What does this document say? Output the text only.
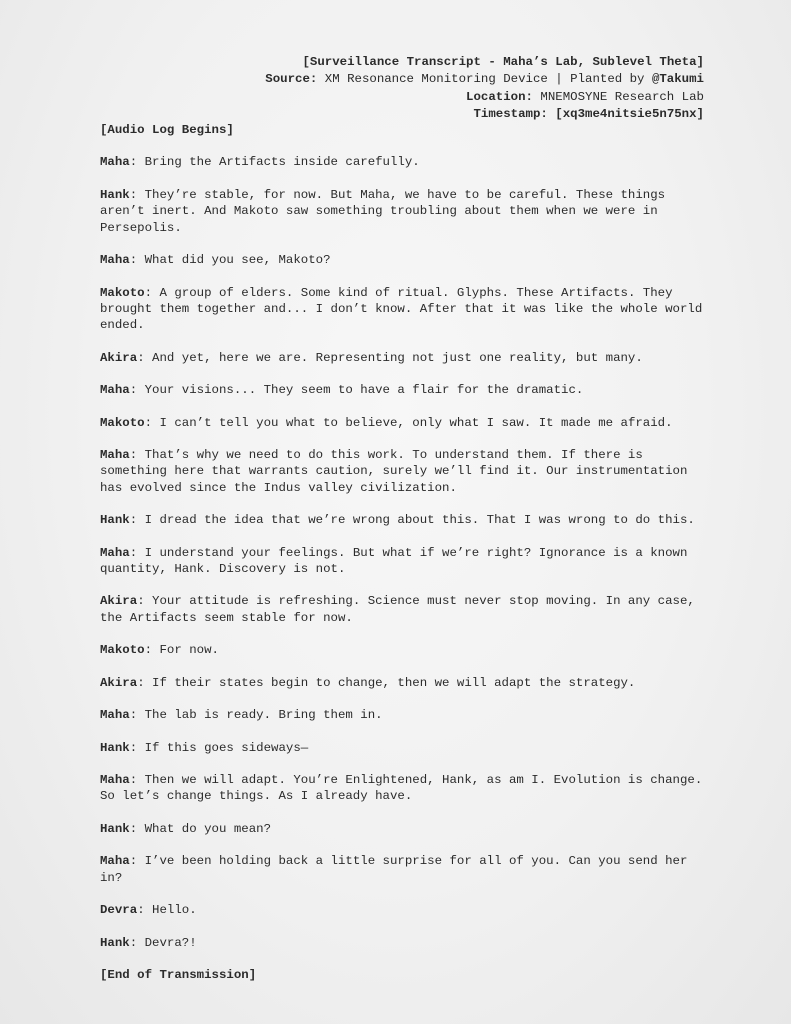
[Surveillance Transcript - Maha’s Lab, Sublevel Theta]
Source: XM Resonance Monitoring Device | Planted by @Takumi
Location: MNEMOSYNE Research Lab
Timestamp: [xq3me4nitsie5n75nx]

[Audio Log Begins]

Maha: Bring the Artifacts inside carefully.

Hank: They’re stable, for now. But Maha, we have to be careful. These things aren’t inert. And Makoto saw something troubling about them when we were in Persepolis.

Maha: What did you see, Makoto?

Makoto: A group of elders. Some kind of ritual. Glyphs. These Artifacts. They brought them together and... I don’t know. After that it was like the whole world ended.

Akira: And yet, here we are. Representing not just one reality, but many.

Maha: Your visions... They seem to have a flair for the dramatic.

Makoto: I can’t tell you what to believe, only what I saw. It made me afraid.

Maha: That’s why we need to do this work. To understand them. If there is something here that warrants caution, surely we’ll find it. Our instrumentation has evolved since the Indus valley civilization.

Hank: I dread the idea that we’re wrong about this. That I was wrong to do this.

Maha: I understand your feelings. But what if we’re right? Ignorance is a known quantity, Hank. Discovery is not.

Akira: Your attitude is refreshing. Science must never stop moving. In any case, the Artifacts seem stable for now.

Makoto: For now.

Akira: If their states begin to change, then we will adapt the strategy.

Maha: The lab is ready. Bring them in.

Hank: If this goes sideways—

Maha: Then we will adapt. You’re Enlightened, Hank, as am I. Evolution is change. So let’s change things. As I already have.

Hank: What do you mean?

Maha: I’ve been holding back a little surprise for all of you. Can you send her in?

Devra: Hello.

Hank: Devra?!

[End of Transmission]
